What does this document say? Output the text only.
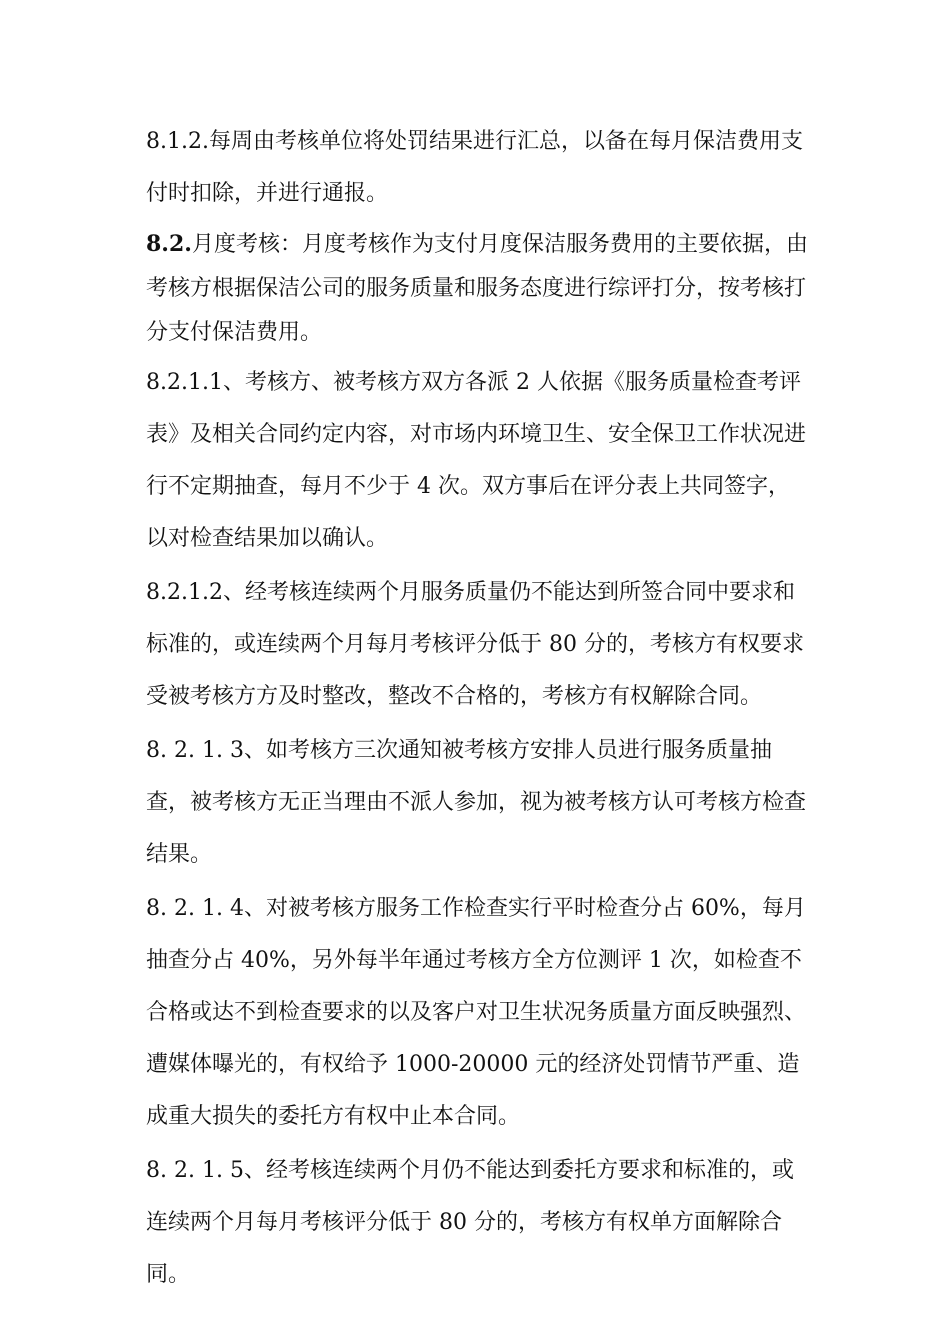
8.1.2.每周由考核单位将处罚结果进行汇总，以备在每月保洁费用支付时扣除，并进行通报。

8.2.月度考核：月度考核作为支付月度保洁服务费用的主要依据，由考核方根据保洁公司的服务质量和服务态度进行综评打分，按考核打分支付保洁费用。

8.2.1.1、考核方、被考核方双方各派 2 人依据《服务质量检查考评表》及相关合同约定内容，对市场内环境卫生、安全保卫工作状况进行不定期抽查，每月不少于 4 次。双方事后在评分表上共同签字，以对检查结果加以确认。

8.2.1.2、经考核连续两个月服务质量仍不能达到所签合同中要求和标准的，或连续两个月每月考核评分低于 80 分的，考核方有权要求受被考核方方及时整改，整改不合格的，考核方有权解除合同。

8. 2. 1. 3、如考核方三次通知被考核方安排人员进行服务质量抽查，被考核方无正当理由不派人参加，视为被考核方认可考核方检查结果。

8. 2. 1. 4、对被考核方服务工作检查实行平时检查分占 60%，每月抽查分占 40%，另外每半年通过考核方全方位测评 1 次，如检查不合格或达不到检查要求的以及客户对卫生状况务质量方面反映强烈、遭媒体曝光的，有权给予 1000-20000 元的经济处罚情节严重、造成重大损失的委托方有权中止本合同。

8. 2. 1. 5、经考核连续两个月仍不能达到委托方要求和标准的，或连续两个月每月考核评分低于 80 分的，考核方有权单方面解除合同。
